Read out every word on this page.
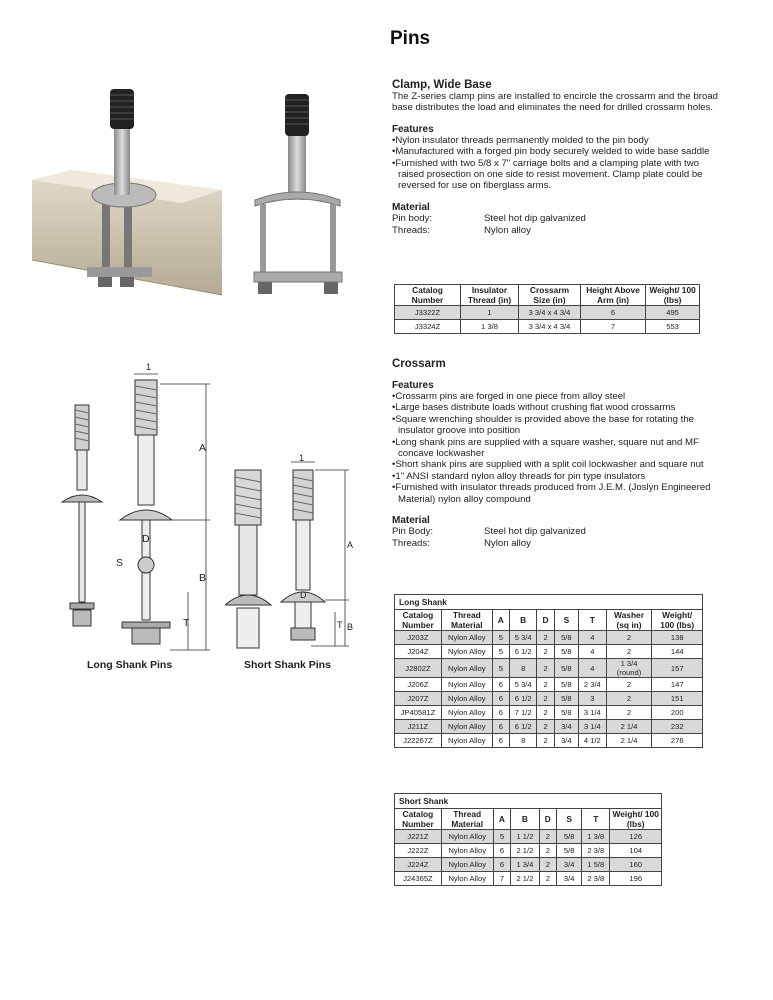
Pins
A
B
D
S
T
1
A
B
D
T
1
Long Shank Pins	Short Shank Pins

Clamp, Wide Base

The Z-series clamp pins are installed to encircle the crossarm and the broad base distributes the load and eliminates the need for drilled crossarm holes.

Features

• Nylon insulator threads permanently molded to the pin body
• Manufactured with a forged pin body securely welded to wide base saddle
• Furnished with two 5/8 x 7" carriage bolts and a clamping plate with two raised prosection on one side to resist movement. Clamp plate could be reversed for use on fiberglass arms.

Material

Pin body:	Steel hot dip galvanized
Threads:	Nylon alloy
Catalog Number	Insulator Thread (in)	Crossarm Size (in)	Height Above Arm (in)	Weight/ 100 (lbs)
J3322Z	1	3 3/4 x 4 3/4	6	495
J3324Z	1 3/8	3 3/4 x 4 3/4	7	553

Crossarm

Features

• Crossarm pins are forged in one piece from alloy steel
• Large bases distribute loads without crushing flat wood crossarms
• Square wrenching shoulder is provided above the base for rotating the insulator groove into position
• Long shank pins are supplied with a square washer, square nut and MF concave lockwasher
• Short shank pins are supplied with a split coil lockwasher and square nut
• 1" ANSI standard nylon alloy threads for pin type insulators
• Furnished with insulator threads produced from J.E.M. (Joslyn Engineered Material) nylon alloy compound

Material

Pin Body:	Steel hot dip galvanized
Threads:	Nylon alloy
Long Shank								
Catalog Number	Thread Material	A	B	D	S	T	Washer (sq in)	Weight/ 100 (lbs)
J203Z	Nylon Alloy	5	5 3/4	2	5/8	4	2	138
J204Z	Nylon Alloy	5	6 1/2	2	5/8	4	2	144
J2802Z	Nylon Alloy	5	8	2	5/8	4	1 3/4 (round)	157
J206Z	Nylon Alloy	6	5 3/4	2	5/8	2 3/4	2	147
J207Z	Nylon Alloy	6	6 1/2	2	5/8	3	2	151
JP40581Z	Nylon Alloy	6	7 1/2	2	5/8	3 1/4	2	200
J211Z	Nylon Alloy	6	6 1/2	2	3/4	3 1/4	2 1/4	232
J22267Z	Nylon Alloy	6	8	2	3/4	4 1/2	2 1/4	276
Short Shank							
Catalog Number	Thread Material	A	B	D	S	T	Weight/ 100 (lbs)
J221Z	Nylon Alloy	5	1 1/2	2	5/8	1 3/8	126
J222Z	Nylon Alloy	6	2 1/2	2	5/8	2 3/8	104
J224Z	Nylon Alloy	6	1 3/4	2	3/4	1 5/8	160
J24365Z	Nylon Alloy	7	2 1/2	2	3/4	2 3/8	196
